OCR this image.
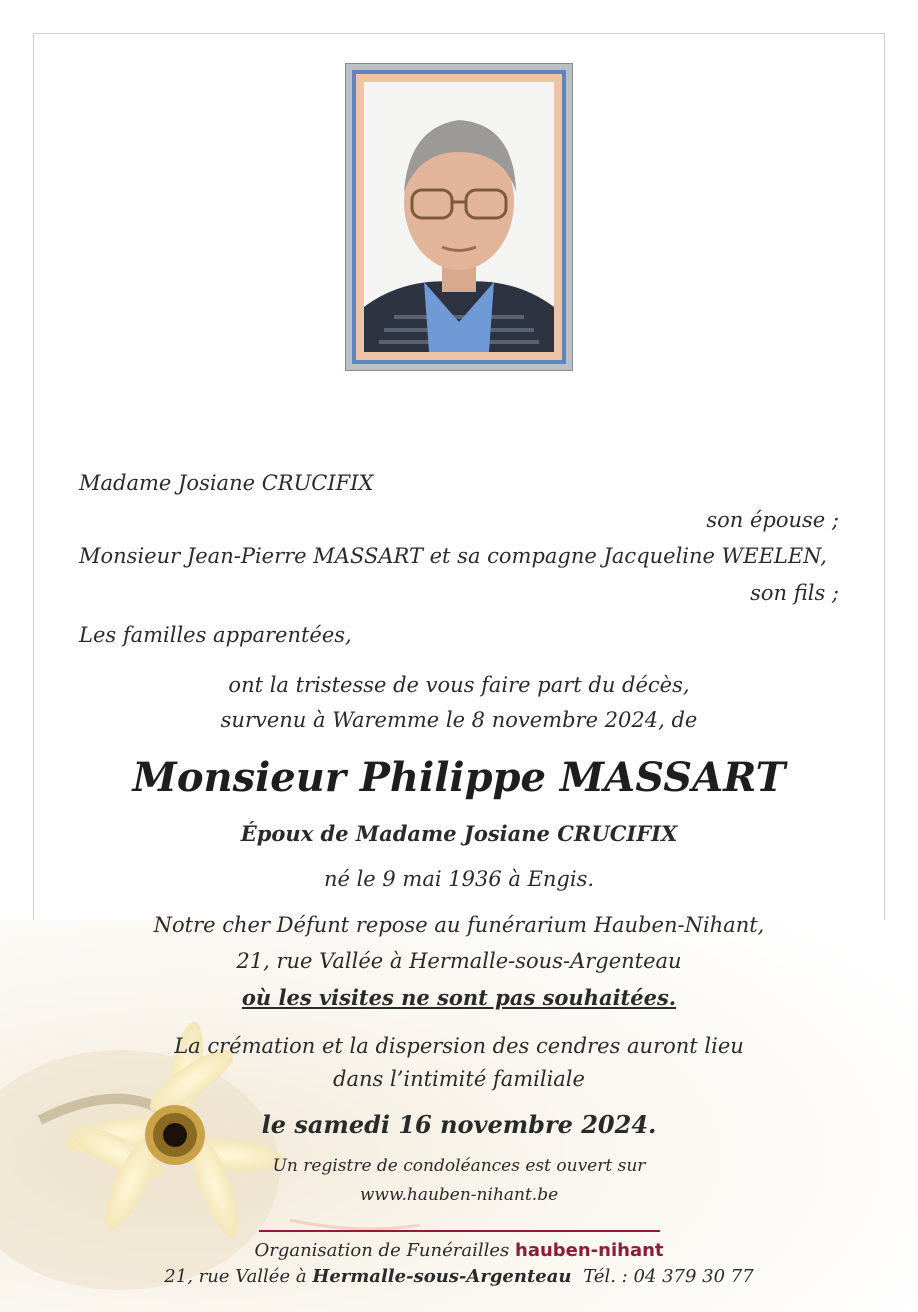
Madame Josiane CRUCIFIX
son épouse ;
Monsieur Jean-Pierre MASSART et sa compagne Jacqueline WEELEN,
son fils ;
Les familles apparentées,
ont la tristesse de vous faire part du décès,
survenu à Waremme le 8 novembre 2024, de
Monsieur Philippe MASSART
Époux de Madame Josiane CRUCIFIX
né le 9 mai 1936 à Engis.
Notre cher Défunt repose au funérarium Hauben-Nihant,
21, rue Vallée à Hermalle-sous-Argenteau
où les visites ne sont pas souhaitées.
La crémation et la dispersion des cendres auront lieu
dans l’intimité familiale
le samedi 16 novembre 2024.
Un registre de condoléances est ouvert sur
www.hauben-nihant.be
Organisation de Funérailles hauben-nihant
21, rue Vallée à Hermalle-sous-Argenteau Tél. : 04 379 30 77
